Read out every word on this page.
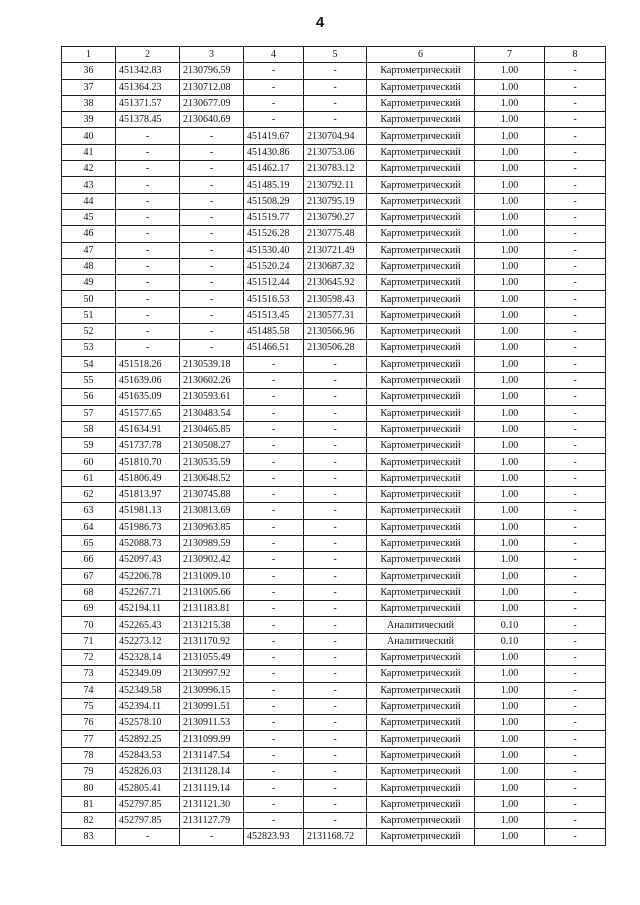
4
1	2	3	4	5	6	7	8
36	451342.83	2130796.59	-	-	Картометрический	1.00	-
37	451364.23	2130712.08	-	-	Картометрический	1.00	-
38	451371.57	2130677.09	-	-	Картометрический	1.00	-
39	451378.45	2130640.69	-	-	Картометрический	1.00	-
40	-	-	451419.67	2130704.94	Картометрический	1.00	-
41	-	-	451430.86	2130753.06	Картометрический	1.00	-
42	-	-	451462.17	2130783.12	Картометрический	1.00	-
43	-	-	451485.19	2130792.11	Картометрический	1.00	-
44	-	-	451508.29	2130795.19	Картометрический	1.00	-
45	-	-	451519.77	2130790.27	Картометрический	1.00	-
46	-	-	451526.28	2130775.48	Картометрический	1.00	-
47	-	-	451530.40	2130721.49	Картометрический	1.00	-
48	-	-	451520.24	2130687.32	Картометрический	1.00	-
49	-	-	451512.44	2130645.92	Картометрический	1.00	-
50	-	-	451516.53	2130598.43	Картометрический	1.00	-
51	-	-	451513.45	2130577.31	Картометрический	1.00	-
52	-	-	451485.58	2130566.96	Картометрический	1.00	-
53	-	-	451466.51	2130506.28	Картометрический	1.00	-
54	451518.26	2130539.18	-	-	Картометрический	1.00	-
55	451639.06	2130602.26	-	-	Картометрический	1.00	-
56	451635.09	2130593.61	-	-	Картометрический	1.00	-
57	451577.65	2130483.54	-	-	Картометрический	1.00	-
58	451634.91	2130465.85	-	-	Картометрический	1.00	-
59	451737.78	2130508.27	-	-	Картометрический	1.00	-
60	451810.70	2130535.59	-	-	Картометрический	1.00	-
61	451806.49	2130648.52	-	-	Картометрический	1.00	-
62	451813.97	2130745.88	-	-	Картометрический	1.00	-
63	451981.13	2130813.69	-	-	Картометрический	1.00	-
64	451986.73	2130963.85	-	-	Картометрический	1.00	-
65	452088.73	2130989.59	-	-	Картометрический	1.00	-
66	452097.43	2130902.42	-	-	Картометрический	1.00	-
67	452206.78	2131009.10	-	-	Картометрический	1.00	-
68	452267.71	2131005.66	-	-	Картометрический	1.00	-
69	452194.11	2131183.81	-	-	Картометрический	1.00	-
70	452265.43	2131215.38	-	-	Аналитический	0.10	-
71	452273.12	2131170.92	-	-	Аналитический	0.10	-
72	452328.14	2131055.49	-	-	Картометрический	1.00	-
73	452349.09	2130997.92	-	-	Картометрический	1.00	-
74	452349.58	2130996.15	-	-	Картометрический	1.00	-
75	452394.11	2130991.51	-	-	Картометрический	1.00	-
76	452578.10	2130911.53	-	-	Картометрический	1.00	-
77	452892.25	2131099.99	-	-	Картометрический	1.00	-
78	452843.53	2131147.54	-	-	Картометрический	1.00	-
79	452826.03	2131128.14	-	-	Картометрический	1.00	-
80	452805.41	2131119.14	-	-	Картометрический	1.00	-
81	452797.85	2131121.30	-	-	Картометрический	1.00	-
82	452797.85	2131127.79	-	-	Картометрический	1.00	-
83	-	-	452823.93	2131168.72	Картометрический	1.00	-
